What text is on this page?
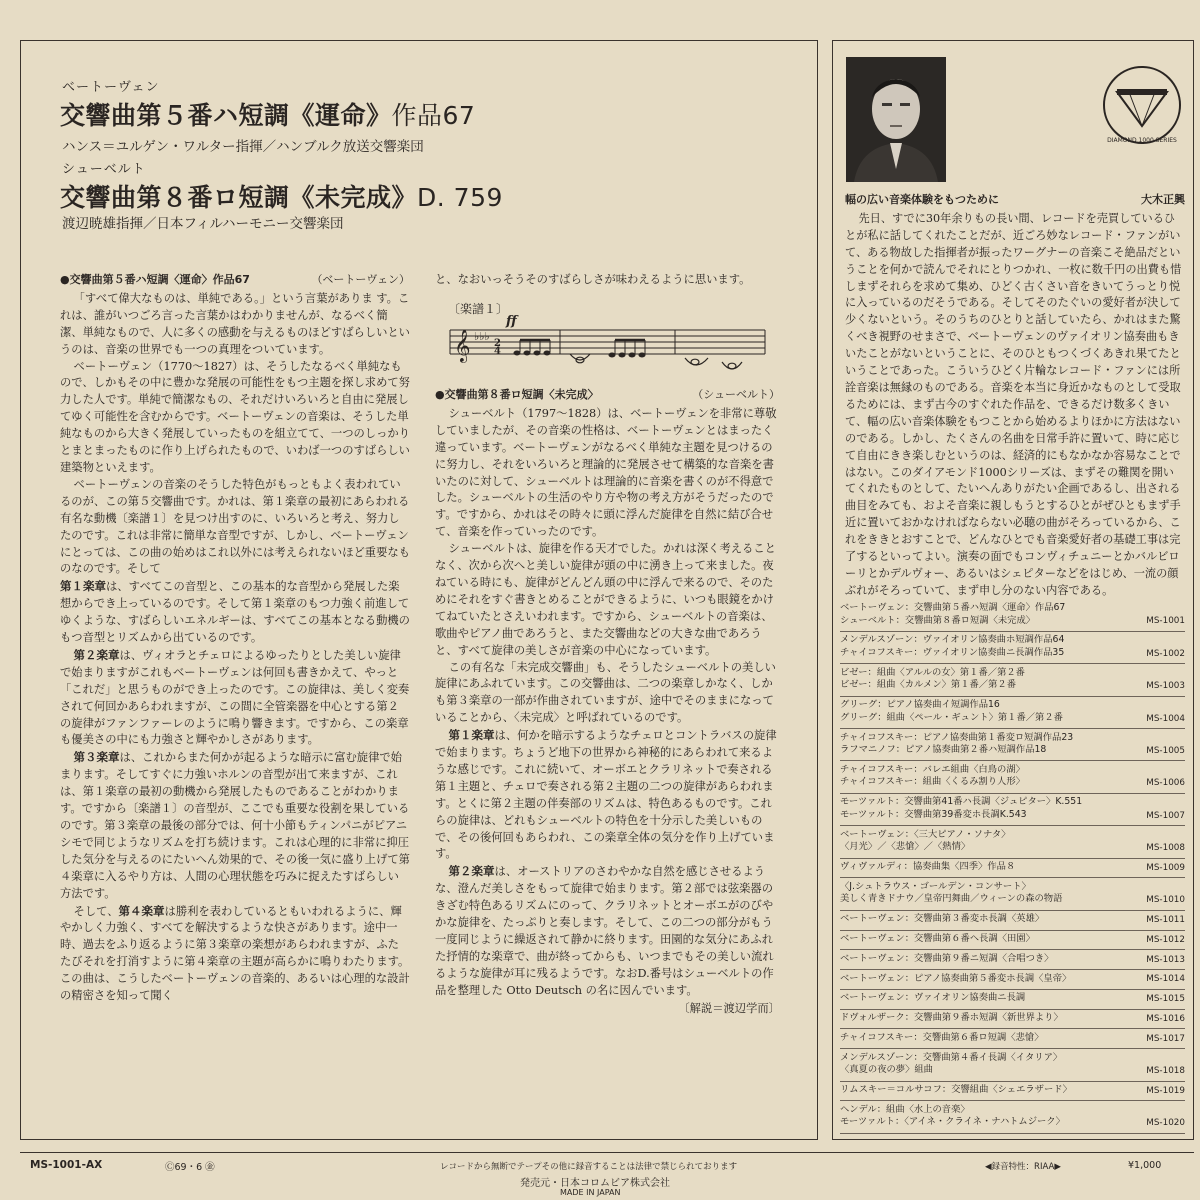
ベートーヴェン
交響曲第５番ハ短調《運命》作品67
ハンス＝ユルゲン・ワルター指揮／ハンブルク放送交響楽団
シューベルト
交響曲第８番ロ短調《未完成》D. 759
渡辺暁雄指揮／日本フィルハーモニー交響楽団
●交響曲第５番ハ短調〈運命〉作品67	（ベートーヴェン）

「すべて偉大なものは、単純である。」という言葉がありま す。これは、誰がいつごろ言った言葉かはわかりませんが、なるべく簡潔、単純なもので、人に多くの感動を与えるものほどすばらしいというのは、音楽の世界でも一つの真理をついています。

ベートーヴェン（1770〜1827）は、そうしたなるべく単純なもので、しかもその中に豊かな発展の可能性をもつ主題を探し求めて努力した人です。単純で簡潔なもの、それだけいろいろと自由に発展してゆく可能性を含むからです。ベートーヴェンの音楽は、そうした単純なものから大きく発展していったものを組立てて、一つのしっかりとまとまったものに作り上げられたもので、いわば一つのすばらしい建築物といえます。

ベートーヴェンの音楽のそうした特色がもっともよく表われているのが、この第５交響曲です。かれは、第１楽章の最初にあらわれる有名な動機〔楽譜１〕を見つけ出すのに、いろいろと考え、努力したのです。これは非常に簡単な音型ですが、しかし、ベートーヴェンにとっては、この曲の始めはこれ以外には考えられないほど重要なものなのです。そして

第１楽章は、すべてこの音型と、この基本的な音型から発展した楽想からでき上っているのです。そして第１楽章のもつ力強く前進してゆくような、すばらしいエネルギーは、すべてこの基本となる動機のもつ音型とリズムから出ているのです。

第２楽章は、ヴィオラとチェロによるゆったりとした美しい旋律で始まりますがこれもベートーヴェンは何回も書きかえて、やっと「これだ」と思うものができ上ったのです。この旋律は、美しく変奏されて何回かあらわれますが、この間に全管楽器を中心とする第２の旋律がファンファーレのように鳴り響きます。ですから、この楽章も優美さの中にも力強さと輝やかしさがあります。

第３楽章は、これからまた何かが起るような暗示に富む旋律で始まります。そしてすぐに力強いホルンの音型が出て来ますが、これは、第１楽章の最初の動機から発展したものであることがわかります。ですから〔楽譜１〕の音型が、ここでも重要な役割を果しているのです。第３楽章の最後の部分では、何十小節もティンパニがピアニシモで同じようなリズムを打ち続けます。これは心理的に非常に抑圧した気分を与えるのにたいへん効果的で、その後一気に盛り上げて第４楽章に入るやり方は、人間の心理状態を巧みに捉えたすばらしい方法です。

そして、第４楽章は勝利を表わしているともいわれるように、輝やかしく力強く、すべてを解決するような快さがあります。途中一時、過去をふり返るように第３楽章の楽想があらわれますが、ふたたびそれを打消すように第４楽章の主題が高らかに鳴りわたります。この曲は、こうしたベートーヴェンの音楽的、あるいは心理的な設計の精密さを知って聞く

と、なおいっそうそのすばらしさが味わえるように思います。

〔楽譜１〕
𝄞 ♭♭♭
2
4
ff
●交響曲第８番ロ短調〈未完成〉	（シューベルト）

シューベルト（1797〜1828）は、ベートーヴェンを非常に尊敬していましたが、その音楽の性格は、ベートーヴェンとはまったく違っています。ベートーヴェンがなるべく単純な主題を見つけるのに努力し、それをいろいろと理論的に発展させて構築的な音楽を書いたのに対して、シューベルトは理論的に音楽を書くのが不得意でした。シューベルトの生活のやり方や物の考え方がそうだったのです。ですから、かれはその時々に頭に浮んだ旋律を自然に結び合せて、音楽を作っていったのです。

シューベルトは、旋律を作る天才でした。かれは深く考えることなく、次から次へと美しい旋律が頭の中に湧き上って来ました。夜ねている時にも、旋律がどんどん頭の中に浮んで来るので、そのためにそれをすぐ書きとめることができるように、いつも眼鏡をかけてねていたとさえいわれます。ですから、シューベルトの音楽は、歌曲やピアノ曲であろうと、また交響曲などの大きな曲であろうと、すべて旋律の美しさが音楽の中心になっています。

この有名な「未完成交響曲」も、そうしたシューベルトの美しい旋律にあふれています。この交響曲は、二つの楽章しかなく、しかも第３楽章の一部が作曲されていますが、途中でそのままになっていることから、〈未完成〉と呼ばれているのです。

第１楽章は、何かを暗示するようなチェロとコントラバスの旋律で始まります。ちょうど地下の世界から神秘的にあらわれて来るような感じです。これに続いて、オーボエとクラリネットで奏される第１主題と、チェロで奏される第２主題の二つの旋律があらわれます。とくに第２主題の伴奏部のリズムは、特色あるものです。これらの旋律は、どれもシューベルトの特色を十分示した美しいもので、その後何回もあらわれ、この楽章全体の気分を作り上げています。

第２楽章は、オーストリアのさわやかな自然を感じさせるような、澄んだ美しさをもって旋律で始まります。第２部では弦楽器のきざむ特色あるリズムにのって、クラリネットとオーボエがのびやかな旋律を、たっぷりと奏します。そして、この二つの部分がもう一度同じように繰返されて静かに終ります。田園的な気分にあふれた抒情的な楽章で、曲が終ってからも、いつまでもその美しい流れるような旋律が耳に残るようです。なおD.番号はシューベルトの作品を整理した Otto Deutsch の名に因んでいます。

〔解説＝渡辺学而〕

DIAMOND 1000 SERIES
幅の広い音楽体験をもつために	大木正興

先日、すでに30年余りもの長い間、レコードを売買しているひとが私に話してくれたことだが、近ごろ妙なレコード・ファンがいて、ある物故した指揮者が振ったワーグナーの音楽こそ絶品だということを何かで読んでそれにとりつかれ、一枚に数千円の出費も惜しまずそれらを求めて集め、ひどく古くさい音をきいてうっとり悦に入っているのだそうである。そしてそのたぐいの愛好者が決して少くないという。そのうちのひとりと話していたら、かれはまた驚くべき視野のせまさで、ベートーヴェンのヴァイオリン協奏曲もきいたことがないということに、そのひともつくづくあきれ果てたということであった。こういうひどく片輪なレコード・ファンには所詮音楽は無縁のものである。音楽を本当に身近かなものとして受取るためには、まず古今のすぐれた作品を、できるだけ数多くきいて、幅の広い音楽体験をもつことから始めるよりほかに方法はないのである。しかし、たくさんの名曲を日常手許に置いて、時に応じて自由にきき楽しむというのは、経済的にもなかなか容易なことではない。このダイアモンド1000シリーズは、まずその難関を開いてくれたものとして、たいへんありがたい企画であるし、出される曲目をみても、およそ音楽に親しもうとするひとがぜひともまず手近に置いておかなければならない必聴の曲がそろっているから、これをききとおすことで、どんなひとでも音楽愛好者の基礎工事は完了するといってよい。演奏の面でもコンヴィチュニーとかバルビローリとかデルヴォー、あるいはシェピターなどをはじめ、一流の顔ぶれがそろっていて、まず申し分のない内容である。

ベートーヴェン：交響曲第５番ハ短調〈運命〉作品67
シューベルト：交響曲第８番ロ短調〈未完成〉	MS-1001
メンデルスゾーン：ヴァイオリン協奏曲ホ短調作品64
チャイコフスキー：ヴァイオリン協奏曲ニ長調作品35	MS-1002
ビゼー：組曲〈アルルの女〉第１番／第２番
ビゼー：組曲〈カルメン〉第１番／第２番	MS-1003
グリーグ：ピアノ協奏曲イ短調作品16
グリーグ：組曲〈ペール・ギュント〉第１番／第２番	MS-1004
チャイコフスキー：ピアノ協奏曲第１番変ロ短調作品23
ラフマニノフ：ピアノ協奏曲第２番ハ短調作品18	MS-1005
チャイコフスキー：バレエ組曲〈白鳥の湖〉
チャイコフスキー：組曲〈くるみ割り人形〉	MS-1006
モーツァルト：交響曲第41番ハ長調〈ジュピター〉K.551
モーツァルト：交響曲第39番変ホ長調K.543	MS-1007
ベートーヴェン：〈三大ピアノ・ソナタ〉
〈月光〉／〈悲愴〉／〈熱情〉	MS-1008
ヴィヴァルディ：協奏曲集〈四季〉作品８	MS-1009
〈J.シュトラウス・ゴールデン・コンサート〉
美しく青きドナウ／皇帝円舞曲／ウィーンの森の物語	MS-1010
ベートーヴェン：交響曲第３番変ホ長調〈英雄〉	MS-1011
ベートーヴェン：交響曲第６番ヘ長調〈田園〉	MS-1012
ベートーヴェン：交響曲第９番ニ短調〈合唱つき〉	MS-1013
ベートーヴェン：ピアノ協奏曲第５番変ホ長調〈皇帝〉	MS-1014
ベートーヴェン：ヴァイオリン協奏曲ニ長調	MS-1015
ドヴォルザーク：交響曲第９番ホ短調〈新世界より〉	MS-1016
チャイコフスキー：交響曲第６番ロ短調〈悲愴〉	MS-1017
メンデルスゾーン：交響曲第４番イ長調〈イタリア〉
〈真夏の夜の夢〉組曲	MS-1018
リムスキー＝コルサコフ：交響組曲〈シェエラザード〉	MS-1019
ヘンデル：組曲〈水上の音楽〉
モーツァルト：〈アイネ・クライネ・ナハトムジーク〉	MS-1020
MS-1001-AX	Ⓒ69・6 ㊎	レコードから無断でテープその他に録音することは法律で禁じられております	◀録音特性：RIAA▶	¥1,000
発売元・日本コロムビア株式会社
MADE IN JAPAN
